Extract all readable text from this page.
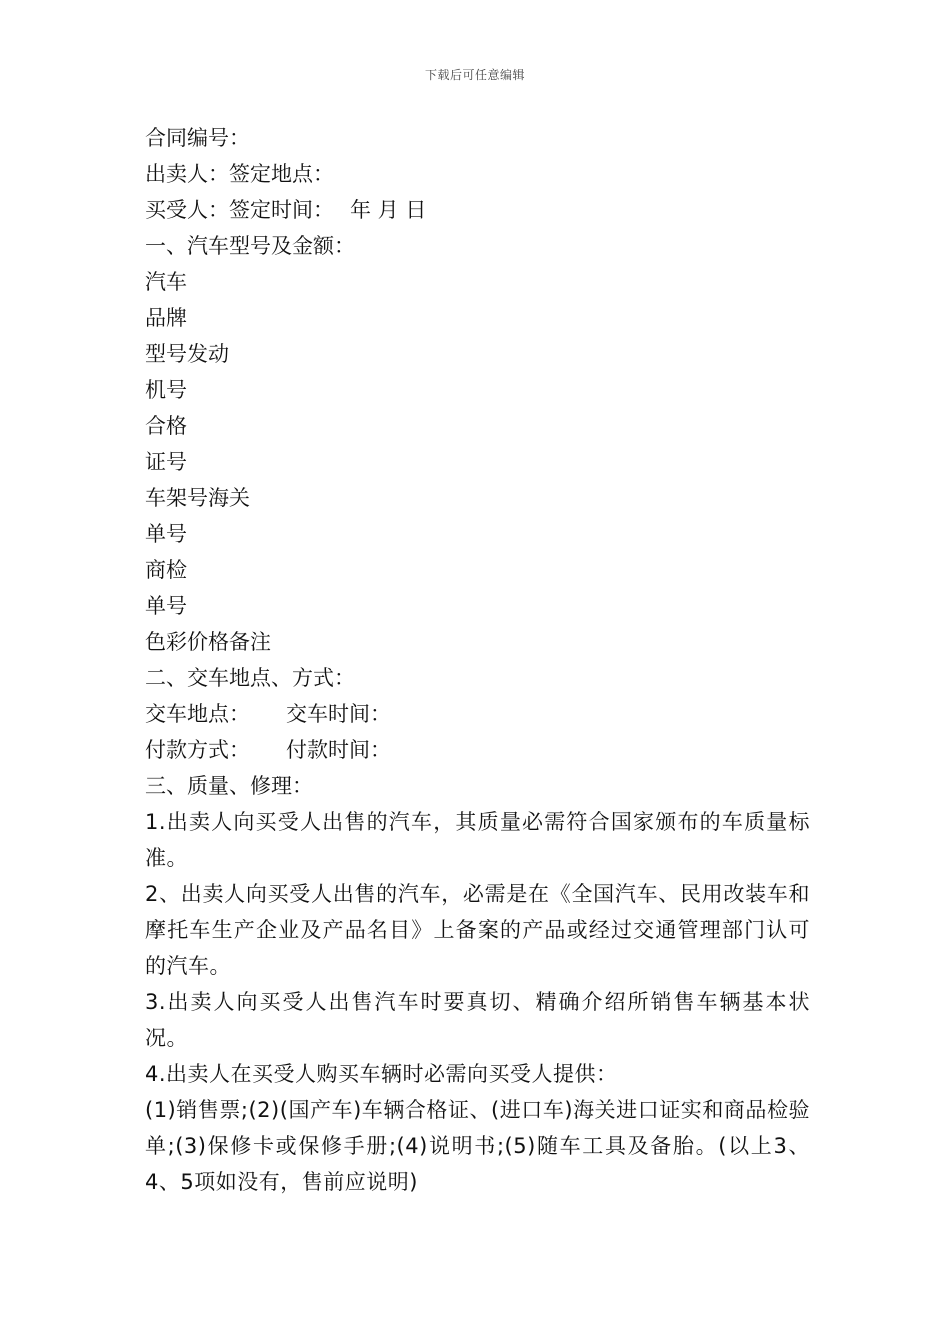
下载后可任意编辑
合同编号：
出卖人：签定地点：
买受人：签定时间： 年 月 日
一、汽车型号及金额：
汽车
品牌
型号发动
机号
合格
证号
车架号海关
单号
商检
单号
色彩价格备注
二、交车地点、方式：
交车地点： 交车时间：
付款方式： 付款时间：
三、质量、修理：
1.出卖人向买受人出售的汽车，其质量必需符合国家颁布的车质量标准。
2、出卖人向买受人出售的汽车，必需是在《全国汽车、民用改装车和摩托车生产企业及产品名目》上备案的产品或经过交通管理部门认可的汽车。
3.出卖人向买受人出售汽车时要真切、精确介绍所销售车辆基本状况。
4.出卖人在买受人购买车辆时必需向买受人提供：
(1)销售票;(2)(国产车)车辆合格证、(进口车)海关进口证实和商品检验单;(3)保修卡或保修手册;(4)说明书;(5)随车工具及备胎。(以上3、4、5项如没有，售前应说明)
